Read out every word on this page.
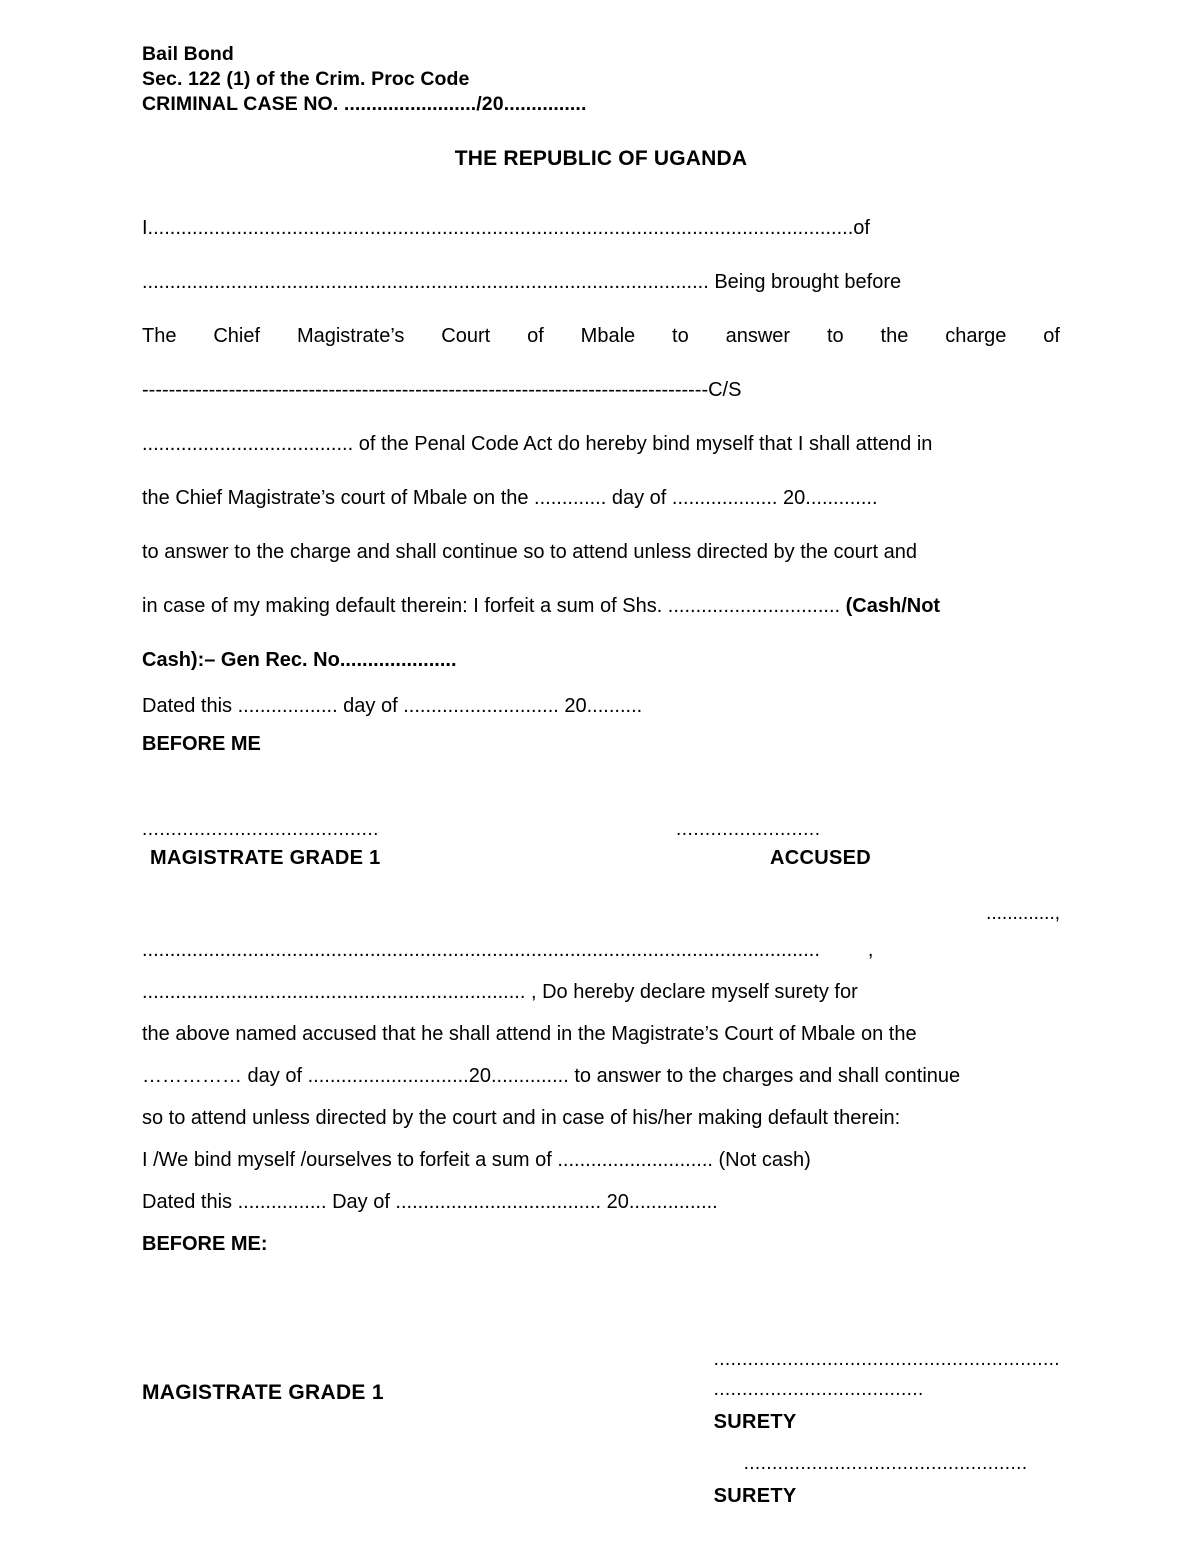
Bail Bond
Sec. 122 (1) of the Crim. Proc Code
CRIMINAL CASE NO. ......................../20...............
THE REPUBLIC OF UGANDA

I...............................................................................................................................of

...................................................................................................... Being brought before

The Chief Magistrate’s Court of Mbale to answer to the charge of

-------------------------------------------------------------------------------------C/S

...................................... of the Penal Code Act do hereby bind myself that I shall attend in

the Chief Magistrate’s court of Mbale on the ............. day of ................... 20.............

to answer to the charge and shall continue so to attend unless directed by the court and

in case of my making default therein: I forfeit a sum of Shs. ............................... (Cash/Not

Cash):– Gen Rec. No.....................

Dated this .................. day of ............................ 20..........

BEFORE ME

.........................................
MAGISTRATE GRADE 1
.........................
ACCUSED
.............,

.......................................................................................................................... ,

..................................................................... , Do hereby declare myself surety for

the above named accused that he shall attend in the Magistrate’s Court of Mbale on the

…………… day of .............................20.............. to answer to the charges and shall continue

so to attend unless directed by the court and in case of his/her making default therein:

I /We bind myself /ourselves to forfeit a sum of ............................ (Not cash)

Dated this ................ Day of ..................................... 20................

BEFORE ME:

MAGISTRATE GRADE 1
.............................................................
.....................................
SURETY
..................................................
SURETY
